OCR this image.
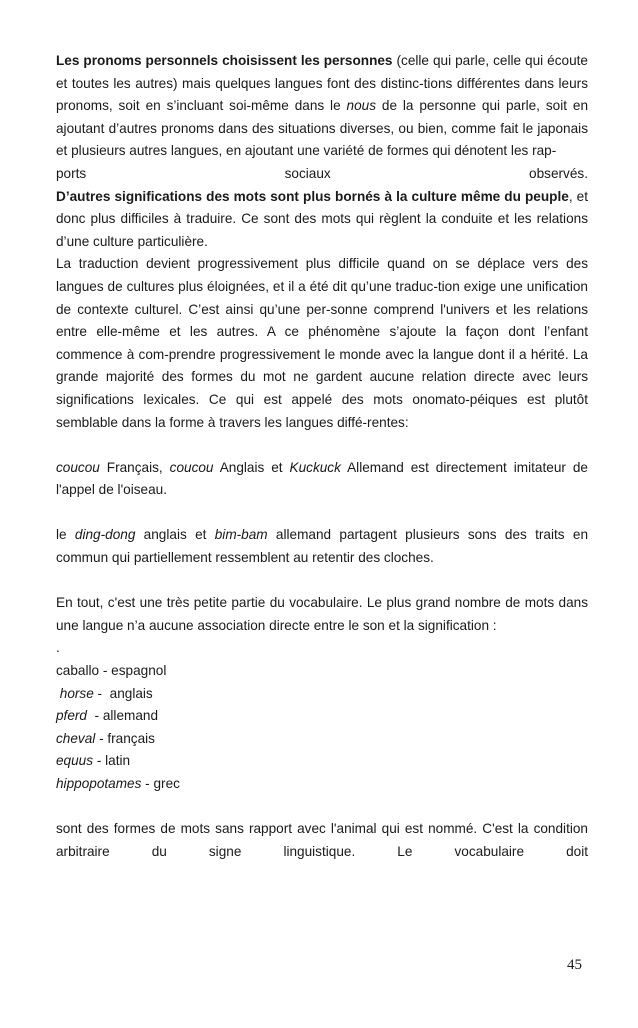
Les pronoms personnels choisissent les personnes (celle qui parle, celle qui écoute et toutes les autres) mais quelques langues font des distinc-tions différentes dans leurs pronoms, soit en s’incluant soi-même dans le nous de la personne qui parle, soit en ajoutant d’autres pronoms dans des situations diverses, ou bien, comme fait le japonais et plusieurs autres langues, en ajoutant une variété de formes qui dénotent les rap-

ports sociaux observés.

D’autres significations des mots sont plus bornés à la culture même du peuple, et donc plus difficiles à traduire. Ce sont des mots qui règlent la conduite et les relations d’une culture particulière.

La traduction devient progressivement plus difficile quand on se déplace vers des langues de cultures plus éloignées, et il a été dit qu’une traduc-tion exige une unification de contexte culturel. C’est ainsi qu’une per-sonne comprend l'univers et les relations entre elle-même et les autres. A ce phénomène s’ajoute la façon dont l’enfant commence à com-prendre progressivement le monde avec la langue dont il a hérité. La grande majorité des formes du mot ne gardent aucune relation directe avec leurs significations lexicales. Ce qui est appelé des mots onomato-péiques est plutôt semblable dans la forme à travers les langues diffé-rentes:

coucou Français, coucou Anglais et Kuckuck Allemand est directement imitateur de l'appel de l'oiseau.

le ding-dong anglais et bim-bam allemand partagent plusieurs sons des traits en commun qui partiellement ressemblent au retentir des cloches.

En tout, c'est une très petite partie du vocabulaire. Le plus grand nombre de mots dans une langue n’a aucune association directe entre le son et la signification :

.

caballo - espagnol

horse -  anglais

pferd  - allemand

cheval - français

equus - latin

hippopotames - grec

sont des formes de mots sans rapport avec l'animal qui est nommé. C'est la condition arbitraire du signe linguistique. Le vocabulaire doit

45
